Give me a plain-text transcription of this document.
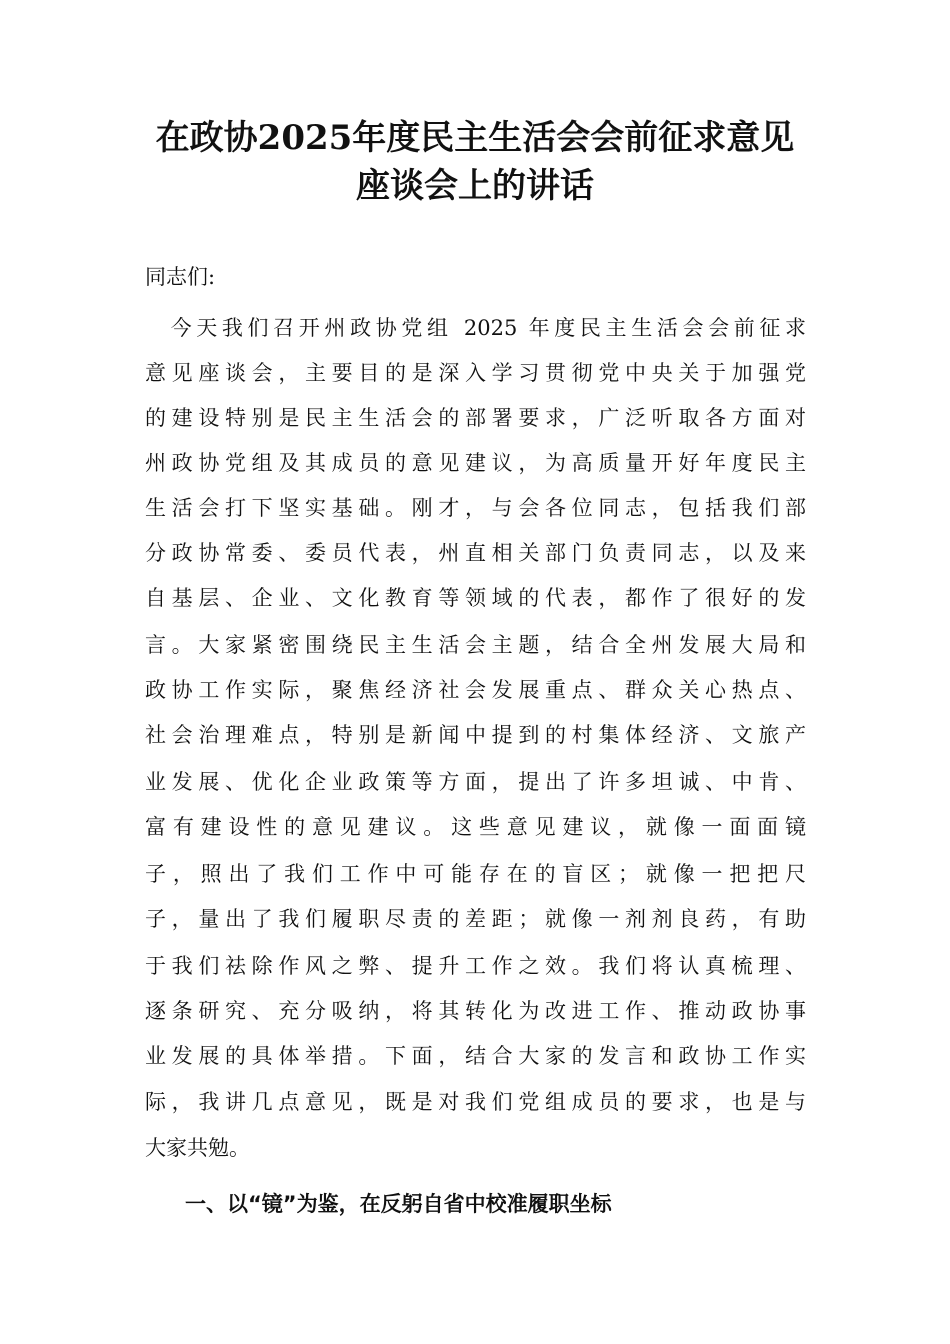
在政协2025年度民主生活会会前征求意见
座谈会上的讲话
同志们:
　今天我们召开州政协党组 2025 年度民主生活会会前征求
意见座谈会，主要目的是深入学习贯彻党中央关于加强党
的建设特别是民主生活会的部署要求，广泛听取各方面对
州政协党组及其成员的意见建议，为高质量开好年度民主
生活会打下坚实基础。刚才，与会各位同志，包括我们部
分政协常委、委员代表，州直相关部门负责同志，以及来
自基层、企业、文化教育等领域的代表，都作了很好的发
言。大家紧密围绕民主生活会主题，结合全州发展大局和
政协工作实际，聚焦经济社会发展重点、群众关心热点、
社会治理难点，特别是新闻中提到的村集体经济、文旅产
业发展、优化企业政策等方面，提出了许多坦诚、中肯、
富有建设性的意见建议。这些意见建议，就像一面面镜
子，照出了我们工作中可能存在的盲区；就像一把把尺
子，量出了我们履职尽责的差距；就像一剂剂良药，有助
于我们祛除作风之弊、提升工作之效。我们将认真梳理、
逐条研究、充分吸纳，将其转化为改进工作、推动政协事
业发展的具体举措。下面，结合大家的发言和政协工作实
际，我讲几点意见，既是对我们党组成员的要求，也是与
大家共勉。
一、以“镜”为鉴，在反躬自省中校准履职坐标
